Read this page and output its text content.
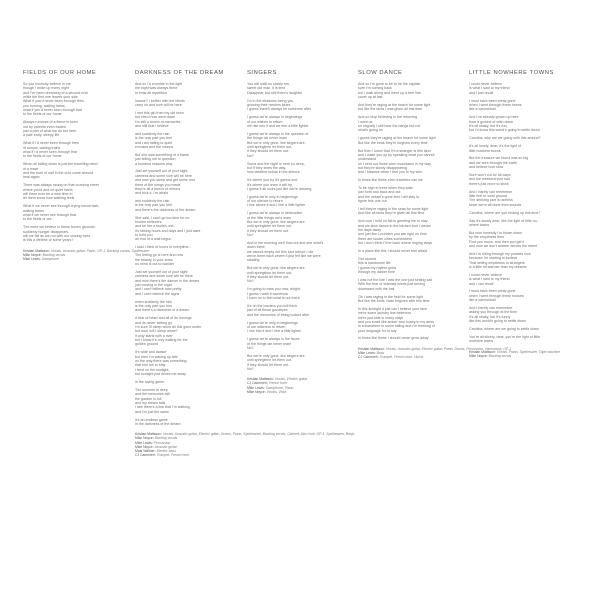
FIELDS OF OUR HOME
So you honestly believe in me
though I woke up every night
and I've been dreaming of a second rush
while the first one leaves your side
What if you'd never been through fires,
you burning, wailing trains,
what if you'd never seen through that
to the fields of our home
Always rumours of a flame in town
not by parents even traded
just a part of what we do but here
a pale early, sleepy life
What if I'd never been through fires
of sorrow, wailing trains
what if I'd never seen through that
to the fields of our home
When all falling down is just the travelling need
of a wave
and the burn of salt in the cuts come around
heal again
There was always racing on that crossing street
where you'd and on quiet heels
will there ever be a new time to
let them know how walking feels
What if we never see through crying tomorrows,
wailing trains
what if we never see through that
to the fields of our...
The more we believe in these frozen grounds
suddenly hunger disappears
will we fall as we run with our closing eyes
is this a lifetime or some years?
Kristian Mattsson: Vocals, Acoustic guitar, Piano, OP-1, Backing vocals, Synthesizer
Mike Noyce: Backing vocals
Mike Lewis: Saxophone
DARKNESS OF THE DREAM
And so I'd crumble in the light
the night was always there
to exist all repetition
Insane? I bother with the blinds
carry on and love will be here
I met this girl from my old town
but she'd now went down
I'm still a bunch of memories
and still that I believe
and suddenly the rain
is the only part you feel
and I am falling to quiet
excuses and the visions
But she was something of a flame
just telling me to question
a hundred reasons why
Just set yourself out of your sight
careless and some love will be here
and now you sleep and get some rest
there of the songs you made
they're all a bunch of mirrors
and fuck it, I'm afraid
and suddenly the rain
is the only part you feel
and there's the darkness of the dream
She said, I can't go too time for no
broken believers,
and be her a foolish one,
it's talking hours and days and I just want
to hold you
an end of a wait begun
I said I think of hours in everytime...
The letting go is here and now
the beauty in your arms
no mind is out to wander
Just set yourself out of your sight
careless and some love will be there
and now there's the dancer in the dream
just moving in the night
and I can't believe how pretty
and I can't believe the signs
when suddenly the rain
is the only part you feel
and there's a darkness of a dream
A fear of heart and all of its turnings
and its never setting go
I'm sure I'll sleep when all this goes under
but now, will I sleep alone?
It only starts with a river
but I know it's only waiting for the
golden ground
It's wide and awake
but then I'm waking up late
on the way there was something
that told me to stay
I feed on the sunlight,
but sunlight just drives me away
in the loving game
The summer is deep
and the memories still
the garden is full
and my dream falls
I see there's a line that I'm walking
and I'm just the same
It's an endless game
in the darkness of the dream
Kristian Mattsson: Vocals, Acoustic guitar, Electric guitar, Drums, Piano, Synthesizer, Backing vocals, Clarinet, Alto choir, OP-1, Synthesizer, Banjo
Mike Noyce: Backing vocals
Mike Lewis: Percussion
Mike Noyce: Acoustic guitar
Mats Wallner: Electric bass
CJ Camerieri: Trumpet, French horn
SINGERS
You will walk so slowly run,
sweet old man, it is time
Disappear, but still there's laughter
I'm in the shadows being you,
growing their random blues
I guess there'll always be someone after
I guess we're always in beginnings
of our wishes to return
we rise into it and we feel a little lighter
I guess we're always in the question of
the things we never learn
But we're only gone, like singers are,
until springtime let them out,
if they should let them out.
No?
Some and the night is here so deep,
but if they knew the way,
how weather builds in the silence
It's where you try it's gonna end
It's where you learn it will try,
I guess it all looks just like we're dancing
I guess we're only in beginnings
of our silence to return
I rise above it and I feel a little lighter
I guess we're always in destruction
of the little things we'd learn
But we're only gone, like singers are,
until springtime let them out,
if they should let them out.
No?
And in the morning we'll flow out and see what's
down there
we cannot empty out this love before I die
we've been each where it just felt like we were
stealing
But we're only gone, like singers are,
until springtime let them out,
if they should let them out.
No?
I'm going to miss you now, alright,
I guess I walk it somehow
I town on to feel what is out there
It's on the borders you will think
just of all these goodbyes
and the memories of being looked after
I guess we're only in beginnings
of our wildness to return
I rise into it and I feel a little lighter
I guess we're always in the faces
of the things we never learn
No?
But we're only gone, like singers are,
until springtime let them out,
if they should let them out.
No?
Kristian Mattsson: Vocals, Electric guitar
CJ Camerieri: French horn
Mike Lewis: Saxophone, Piano
Mike Noyce: Vocals, Viola
SLOW DANCE
And so I'm gone to be to be the captain
sure I'm coming back
but I walk along and meet up a tree line
cover up at last
And they're raging at the beach for some light
but like the birds I was given all this time
And so stop believing in the returning
I want us
so vaguely I still hear the bangs but not
what's going on
I guess they're raging at the beach for some light
But like the birds they're forgiven every time
But then I know that I'm a stranger is this land
and I wake you up by speaking what you cannot
understand
oh I sent out those worn mountains in my way
but they're slowly disappearing
and I balance when I feel you to my skin
In times like these even travelers can we
To be high in trees when they walk
just forth and back and out
and the vessel's gone and I will stay to
figure this one out
I tell they're raging in the seas for some light
And like all birds they're given all this time
And now I hold on fall is greeting me to stay
and we slow dance in the kitchen and I dream
the days away
and just like Lucinda's you are right on time
there are louder cities somewhere
but I don't think I'll be back where ringing stays
In a place like this I should never feel afraid
Get around
this is handsome life
I guess my rhythm grew
through my darker time
I was not the kite I was the one just setting sail
With the fear of sideway winds just turning
downward with the hail
Oh I was raging in the field for some light
But like the birds I was forgiven with this time
In this sunlight it just can't believe your face
we're some laundry line believers
we're just kids in many ways
and you smell like amber and honey in my arms
in somewhere in some falling and I'm learning of
your language for to say
In times like these I should never grow away
Kristian Mattsson: Vocals, Acoustic guitar, Electric guitar, Piano, Drums, Percussion, Harmonica, OP-1
Mike Lewis: Bass
CJ Camerieri: Trumpet, French horn, Horns
LITTLE NOWHERE TOWNS
I could never believe
is what I said to my friend
and I just recall
I must have been pretty gone
when I went through these towns
like a cannonball
And I've already grown up here
from a ground of wish down
It's all shaky, but it's fun,
but I'd know this world's going to settle down
Carolina, why are we going with this around?
It's all lonely, dear, it's the light of
little nowhere towns
But the treasure we found was so big
and we sure through the earth
and believe how slow
Sure won't cut for all ways
and the weekend just sad
there's just more to show
And I barely can remember
little feel or solid ground
The drinking part is useless
since we're all done from sounds
Carolina, where are you ending up this time?
Say it's slowly dear, like the light of little no-
where towns
But now honestly I'm blown down
by the emptiness then
Find you moon, and then you get it
and now we don't answer across the street
And I'm riding through my pockets now
because I'm starting to believe
That selling emptiness to strangers
is a little bit warmer than my dreams
I could never believe
is what I said to my friend
and I can recall
I must have been pretty gone
when I went through these houses
like a cannonball
And I barely can remember
asking you through at the time
It's all shaky, but it's funny
like this world's going to settle down
Carolina, where are we going to settle down
You're all silvery, dear, you're the light of little
nowhere towns
Kristian Mattsson: Vocals, Piano, Synthesizer, Tape machine
Mike Noyce: Backing vocals
